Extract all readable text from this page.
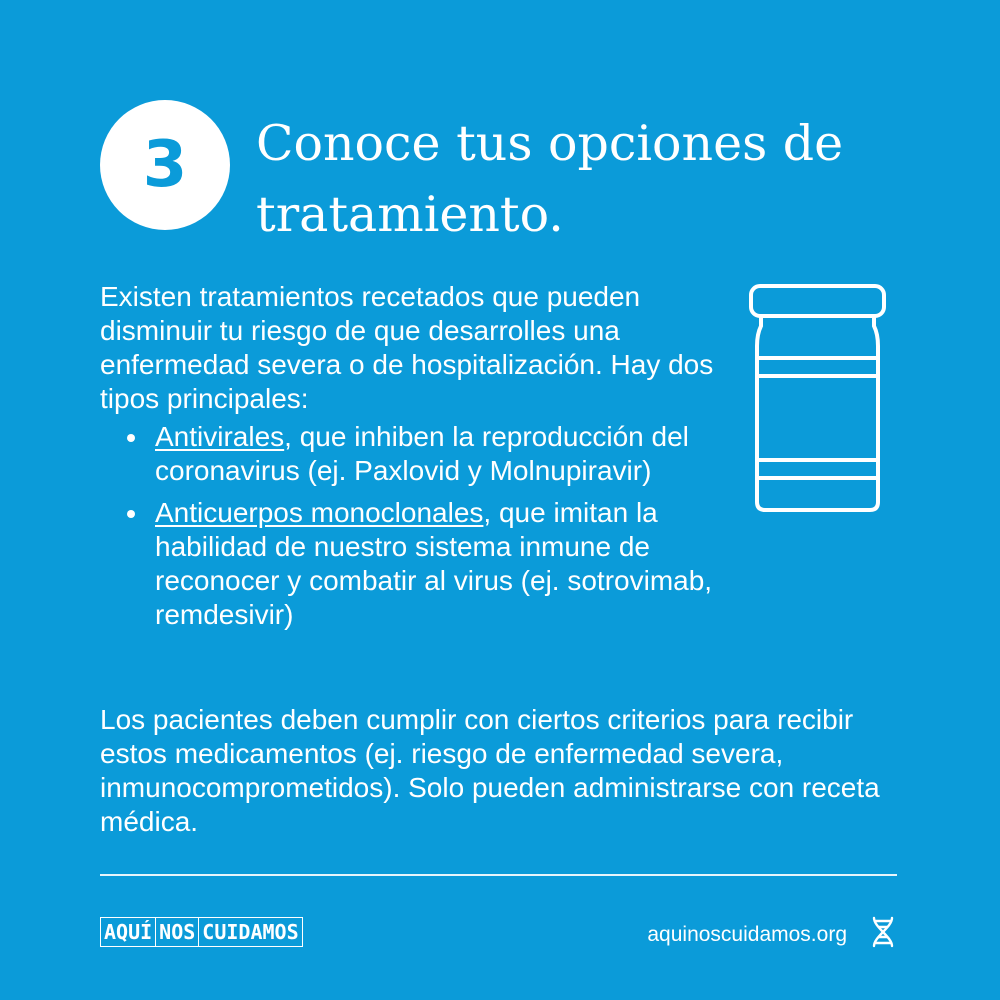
3 Conoce tus opciones de
tratamiento.

Existen tratamientos recetados que pueden disminuir tu riesgo de que desarrolles una enfermedad severa o de hospitalización. Hay dos tipos principales:

Antivirales, que inhiben la reproducción del coronavirus (ej. Paxlovid y Molnupiravir)
Anticuerpos monoclonales, que imitan la habilidad de nuestro sistema inmune de reconocer y combatir al virus (ej. sotrovimab, remdesivir)

Los pacientes deben cumplir con ciertos criterios para recibir estos medicamentos (ej. riesgo de enfermedad severa, inmunocomprometidos). Solo pueden administrarse con receta médica.

AQUÍ NOS CUIDAMOS	aquinoscuidamos.org
